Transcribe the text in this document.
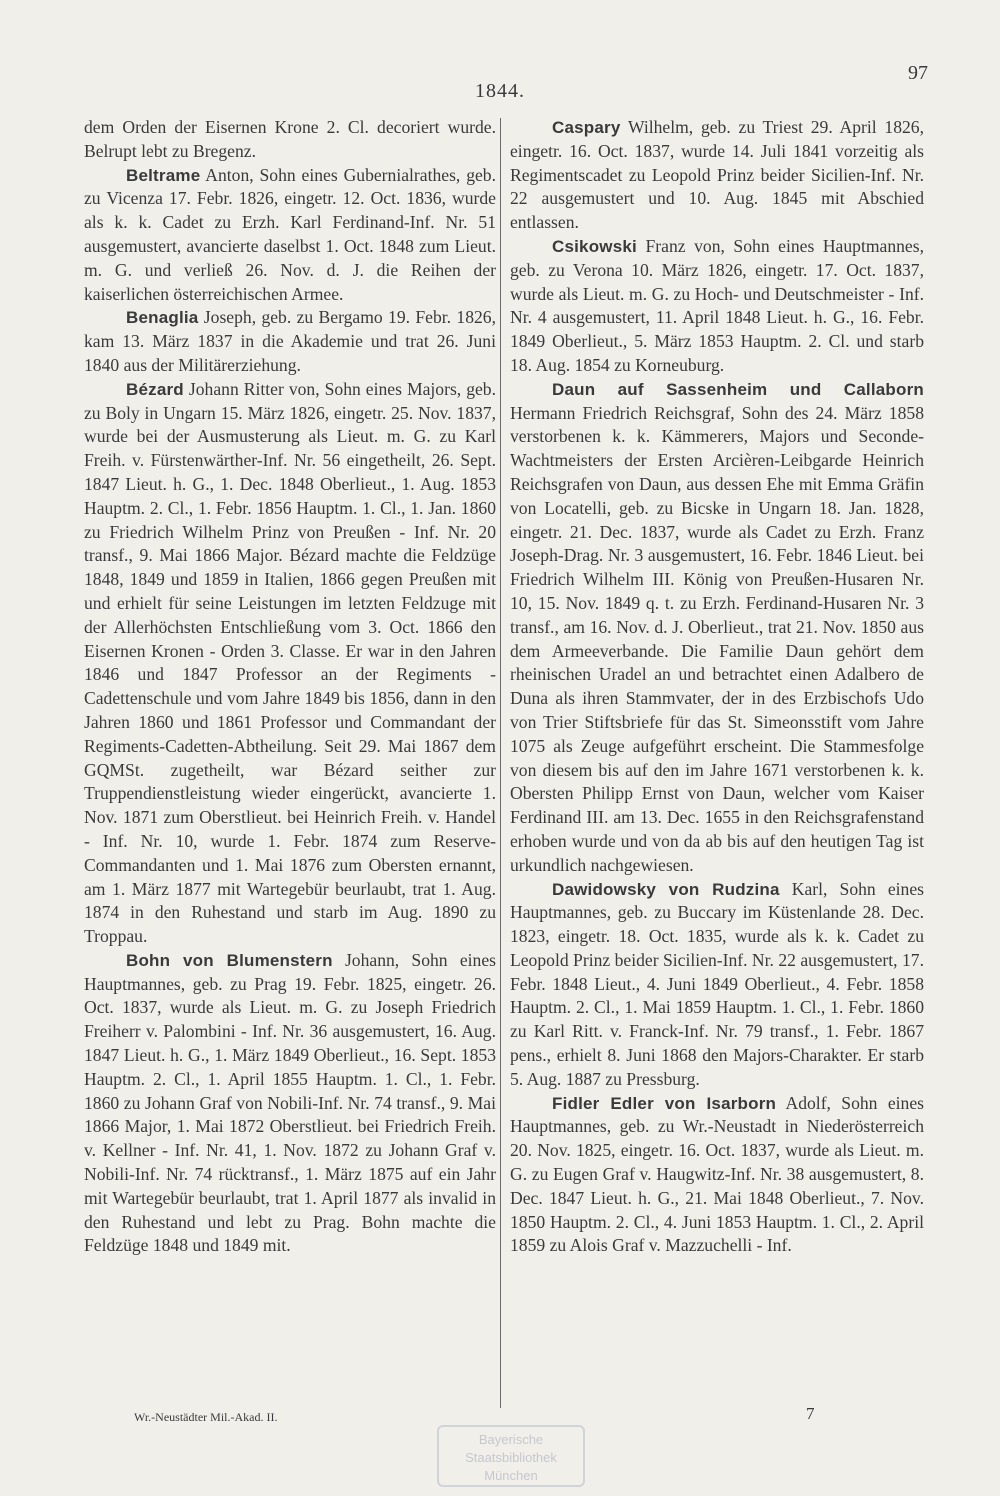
1844.
97

dem Orden der Eisernen Krone 2. Cl. decoriert wurde. Belrupt lebt zu Bregenz.

Beltrame Anton, Sohn eines Gubernialrathes, geb. zu Vicenza 17. Febr. 1826, eingetr. 12. Oct. 1836, wurde als k. k. Cadet zu Erzh. Karl Ferdinand-Inf. Nr. 51 ausgemustert, avancierte daselbst 1. Oct. 1848 zum Lieut. m. G. und verließ 26. Nov. d. J. die Reihen der kaiserlichen österreichischen Armee.

Benaglia Joseph, geb. zu Bergamo 19. Febr. 1826, kam 13. März 1837 in die Akademie und trat 26. Juni 1840 aus der Militärerziehung.

Bézard Johann Ritter von, Sohn eines Majors, geb. zu Boly in Ungarn 15. März 1826, eingetr. 25. Nov. 1837, wurde bei der Ausmusterung als Lieut. m. G. zu Karl Freih. v. Fürstenwärther-Inf. Nr. 56 eingetheilt, 26. Sept. 1847 Lieut. h. G., 1. Dec. 1848 Oberlieut., 1. Aug. 1853 Hauptm. 2. Cl., 1. Febr. 1856 Hauptm. 1. Cl., 1. Jan. 1860 zu Friedrich Wilhelm Prinz von Preußen - Inf. Nr. 20 transf., 9. Mai 1866 Major. Bézard machte die Feldzüge 1848, 1849 und 1859 in Italien, 1866 gegen Preußen mit und erhielt für seine Leistungen im letzten Feldzuge mit der Allerhöchsten Entschließung vom 3. Oct. 1866 den Eisernen Kronen - Orden 3. Classe. Er war in den Jahren 1846 und 1847 Professor an der Regiments - Cadettenschule und vom Jahre 1849 bis 1856, dann in den Jahren 1860 und 1861 Professor und Commandant der Regiments-Cadetten-Abtheilung. Seit 29. Mai 1867 dem GQMSt. zugetheilt, war Bézard seither zur Truppendienstleistung wieder eingerückt, avancierte 1. Nov. 1871 zum Oberstlieut. bei Heinrich Freih. v. Handel - Inf. Nr. 10, wurde 1. Febr. 1874 zum Reserve-Commandanten und 1. Mai 1876 zum Obersten ernannt, am 1. März 1877 mit Wartegebür beurlaubt, trat 1. Aug. 1874 in den Ruhestand und starb im Aug. 1890 zu Troppau.

Bohn von Blumenstern Johann, Sohn eines Hauptmannes, geb. zu Prag 19. Febr. 1825, eingetr. 26. Oct. 1837, wurde als Lieut. m. G. zu Joseph Friedrich Freiherr v. Palombini - Inf. Nr. 36 ausgemustert, 16. Aug. 1847 Lieut. h. G., 1. März 1849 Oberlieut., 16. Sept. 1853 Hauptm. 2. Cl., 1. April 1855 Hauptm. 1. Cl., 1. Febr. 1860 zu Johann Graf von Nobili-Inf. Nr. 74 transf., 9. Mai 1866 Major, 1. Mai 1872 Oberstlieut. bei Friedrich Freih. v. Kellner - Inf. Nr. 41, 1. Nov. 1872 zu Johann Graf v. Nobili-Inf. Nr. 74 rücktransf., 1. März 1875 auf ein Jahr mit Wartegebür beurlaubt, trat 1. April 1877 als invalid in den Ruhestand und lebt zu Prag. Bohn machte die Feldzüge 1848 und 1849 mit.

Caspary Wilhelm, geb. zu Triest 29. April 1826, eingetr. 16. Oct. 1837, wurde 14. Juli 1841 vorzeitig als Regimentscadet zu Leopold Prinz beider Sicilien-Inf. Nr. 22 ausgemustert und 10. Aug. 1845 mit Abschied entlassen.

Csikowski Franz von, Sohn eines Hauptmannes, geb. zu Verona 10. März 1826, eingetr. 17. Oct. 1837, wurde als Lieut. m. G. zu Hoch- und Deutschmeister - Inf. Nr. 4 ausgemustert, 11. April 1848 Lieut. h. G., 16. Febr. 1849 Oberlieut., 5. März 1853 Hauptm. 2. Cl. und starb 18. Aug. 1854 zu Korneuburg.

Daun auf Sassenheim und Callaborn Hermann Friedrich Reichsgraf, Sohn des 24. März 1858 verstorbenen k. k. Kämmerers, Majors und Seconde-Wachtmeisters der Ersten Arcièren-Leibgarde Heinrich Reichsgrafen von Daun, aus dessen Ehe mit Emma Gräfin von Locatelli, geb. zu Bicske in Ungarn 18. Jan. 1828, eingetr. 21. Dec. 1837, wurde als Cadet zu Erzh. Franz Joseph-Drag. Nr. 3 ausgemustert, 16. Febr. 1846 Lieut. bei Friedrich Wilhelm III. König von Preußen-Husaren Nr. 10, 15. Nov. 1849 q. t. zu Erzh. Ferdinand-Husaren Nr. 3 transf., am 16. Nov. d. J. Oberlieut., trat 21. Nov. 1850 aus dem Armeeverbande. Die Familie Daun gehört dem rheinischen Uradel an und betrachtet einen Adalbero de Duna als ihren Stammvater, der in des Erzbischofs Udo von Trier Stiftsbriefe für das St. Simeonsstift vom Jahre 1075 als Zeuge aufgeführt erscheint. Die Stammesfolge von diesem bis auf den im Jahre 1671 verstorbenen k. k. Obersten Philipp Ernst von Daun, welcher vom Kaiser Ferdinand III. am 13. Dec. 1655 in den Reichsgrafenstand erhoben wurde und von da ab bis auf den heutigen Tag ist urkundlich nachgewiesen.

Dawidowsky von Rudzina Karl, Sohn eines Hauptmannes, geb. zu Buccary im Küstenlande 28. Dec. 1823, eingetr. 18. Oct. 1835, wurde als k. k. Cadet zu Leopold Prinz beider Sicilien-Inf. Nr. 22 ausgemustert, 17. Febr. 1848 Lieut., 4. Juni 1849 Oberlieut., 4. Febr. 1858 Hauptm. 2. Cl., 1. Mai 1859 Hauptm. 1. Cl., 1. Febr. 1860 zu Karl Ritt. v. Franck-Inf. Nr. 79 transf., 1. Febr. 1867 pens., erhielt 8. Juni 1868 den Majors-Charakter. Er starb 5. Aug. 1887 zu Pressburg.

Fidler Edler von Isarborn Adolf, Sohn eines Hauptmannes, geb. zu Wr.-Neustadt in Niederösterreich 20. Nov. 1825, eingetr. 16. Oct. 1837, wurde als Lieut. m. G. zu Eugen Graf v. Haugwitz-Inf. Nr. 38 ausgemustert, 8. Dec. 1847 Lieut. h. G., 21. Mai 1848 Oberlieut., 7. Nov. 1850 Hauptm. 2. Cl., 4. Juni 1853 Hauptm. 1. Cl., 2. April 1859 zu Alois Graf v. Mazzuchelli - Inf.

Wr.-Neustädter Mil.-Akad. II.	7
Bayerische
Staatsbibliothek
München
